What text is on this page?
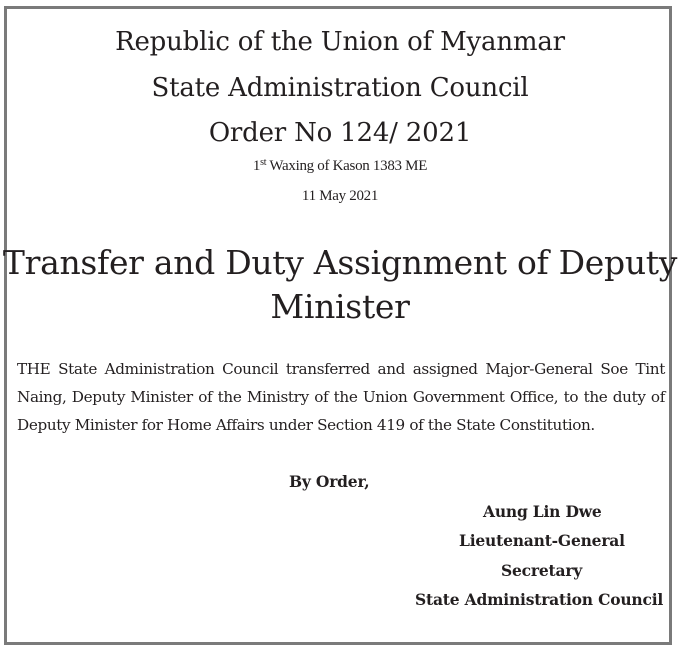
Republic of the Union of Myanmar
State Administration Council
Order No 124/ 2021
1st Waxing of Kason 1383 ME
11 May 2021
Transfer and Duty Assignment of Deputy
Minister
THE State Administration Council transferred and assigned Major-General Soe Tint Naing, Deputy Minister of the Ministry of the Union Government Office, to the duty of Deputy Minister for Home Affairs under Section 419 of the State Constitution.
By Order,
Aung Lin Dwe
Lieutenant-General
Secretary
State Administration Council
